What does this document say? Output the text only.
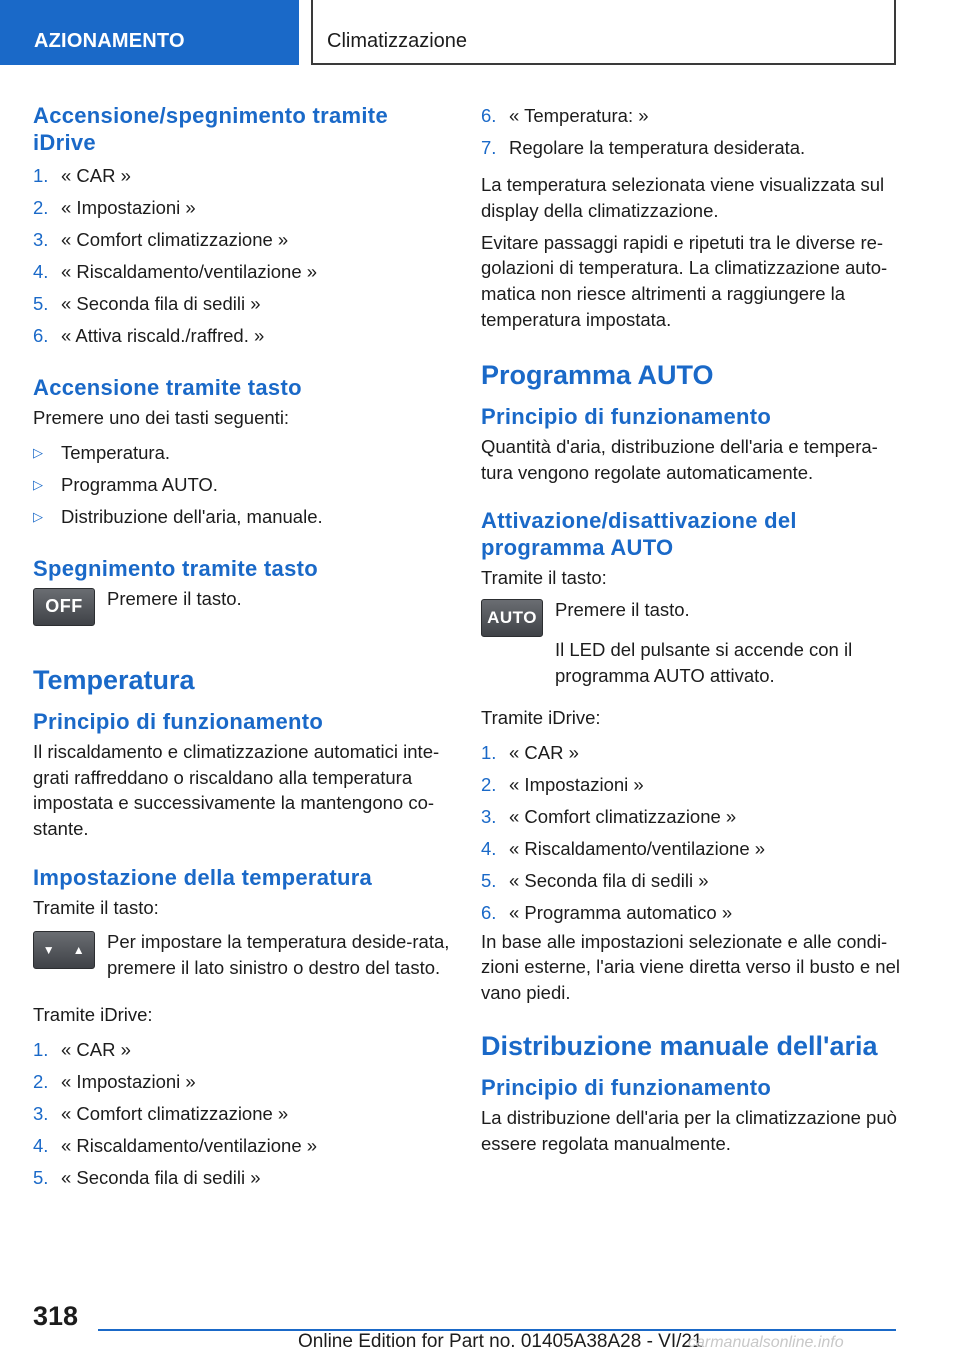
AZIONAMENTO	Climatizzazione
Accensione/spegnimento tramite iDrive
1. « CAR »
2. « Impostazioni »
3. « Comfort climatizzazione »
4. « Riscaldamento/ventilazione »
5. « Seconda fila di sedili »
6. « Attiva riscald./raffred. »
Accensione tramite tasto

Premere uno dei tasti seguenti:

▷ Temperatura.
▷ Programma AUTO.
▷ Distribuzione dell'aria, manuale.
Spegnimento tramite tasto
OFF	Premere il tasto.

Temperatura
Principio di funzionamento

Il riscaldamento e climatizzazione automatici inte-grati raffreddano o riscaldano alla temperatura impostata e successivamente la mantengono co-stante.

Impostazione della temperatura

Tramite il tasto:

▼ ▲ Per impostare la temperatura deside-rata, premere il lato sinistro o destro del tasto.

Tramite iDrive:

1. « CAR »
2. « Impostazioni »
3. « Comfort climatizzazione »
4. « Riscaldamento/ventilazione »
5. « Seconda fila di sedili »
6. « Temperatura: »
7. Regolare la temperatura desiderata.

La temperatura selezionata viene visualizzata sul display della climatizzazione.

Evitare passaggi rapidi e ripetuti tra le diverse re-golazioni di temperatura. La climatizzazione auto-matica non riesce altrimenti a raggiungere la temperatura impostata.

Programma AUTO
Principio di funzionamento

Quantità d'aria, distribuzione dell'aria e tempera-tura vengono regolate automaticamente.

Attivazione/disattivazione del programma AUTO

Tramite il tasto:

AUTO Premere il tasto.

Il LED del pulsante si accende con il programma AUTO attivato.

Tramite iDrive:

1. « CAR »
2. « Impostazioni »
3. « Comfort climatizzazione »
4. « Riscaldamento/ventilazione »
5. « Seconda fila di sedili »
6. « Programma automatico »

In base alle impostazioni selezionate e alle condi-zioni esterne, l'aria viene diretta verso il busto e nel vano piedi.

Distribuzione manuale dell'aria
Principio di funzionamento

La distribuzione dell'aria per la climatizzazione può essere regolata manualmente.

318
Online Edition for Part no. 01405A38A28 - VI/21
carmanualsonline.info
